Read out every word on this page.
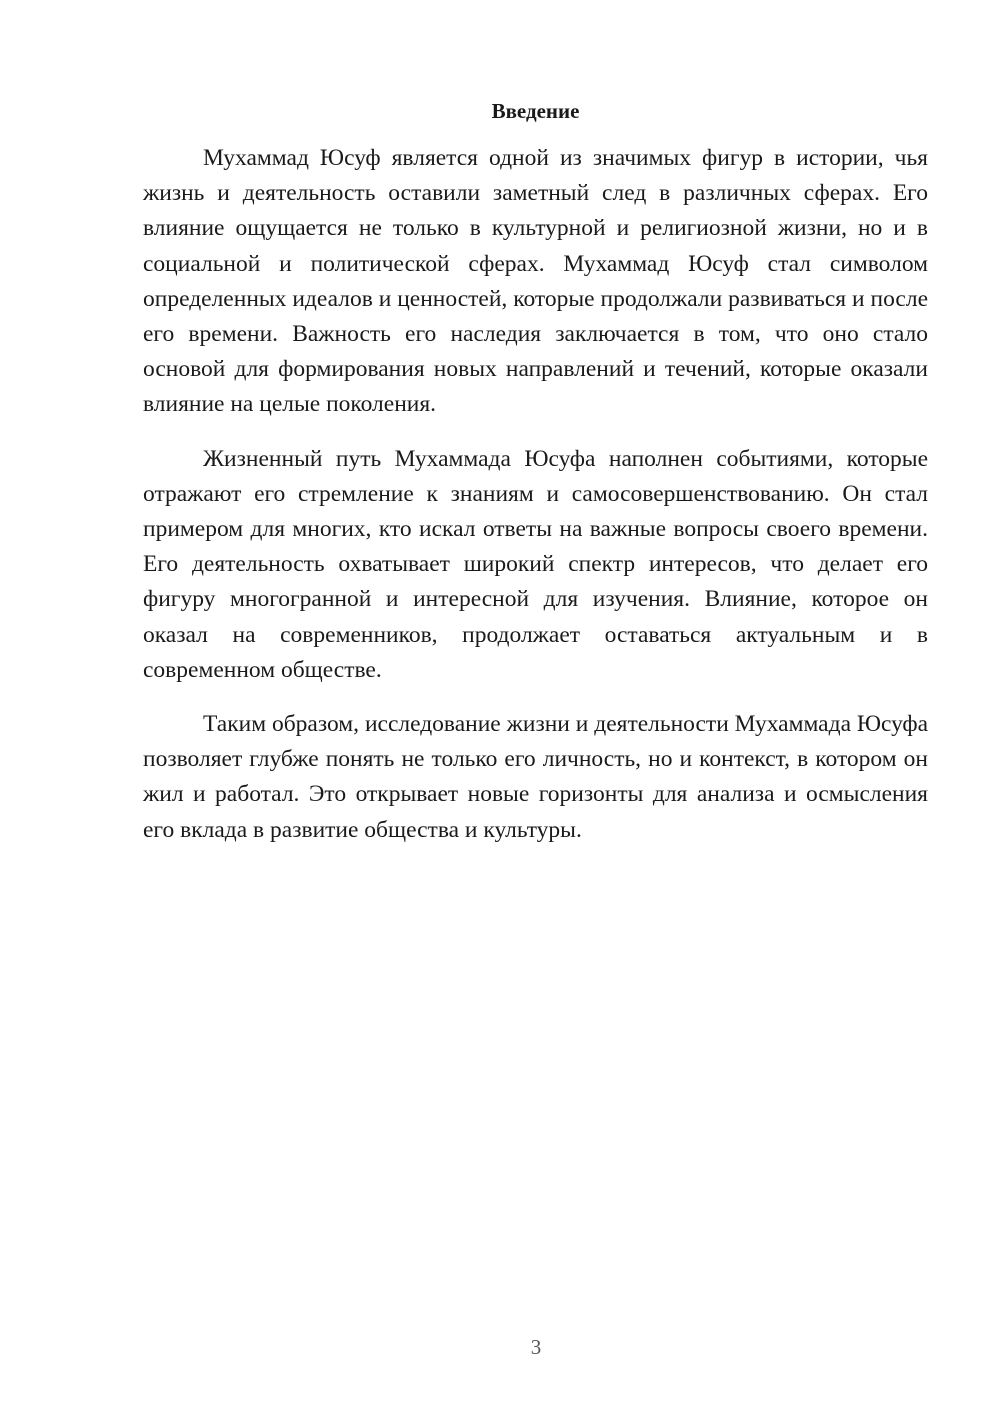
Введение

Мухаммад Юсуф является одной из значимых фигур в истории, чья жизнь и деятельность оставили заметный след в различных сферах. Его влияние ощущается не только в культурной и религиозной жизни, но и в социальной и политической сферах. Мухаммад Юсуф стал символом определенных идеалов и ценностей, которые продолжали развиваться и после его времени. Важность его наследия заключается в том, что оно стало основой для формирования новых направлений и течений, которые оказали влияние на целые поколения.

Жизненный путь Мухаммада Юсуфа наполнен событиями, которые отражают его стремление к знаниям и самосовершенствованию. Он стал примером для многих, кто искал ответы на важные вопросы своего времени. Его деятельность охватывает широкий спектр интересов, что делает его фигуру многогранной и интересной для изучения. Влияние, которое он оказал на современников, продолжает оставаться актуальным и в современном обществе.

Таким образом, исследование жизни и деятельности Мухаммада Юсуфа позволяет глубже понять не только его личность, но и контекст, в котором он жил и работал. Это открывает новые горизонты для анализа и осмысления его вклада в развитие общества и культуры.

3
